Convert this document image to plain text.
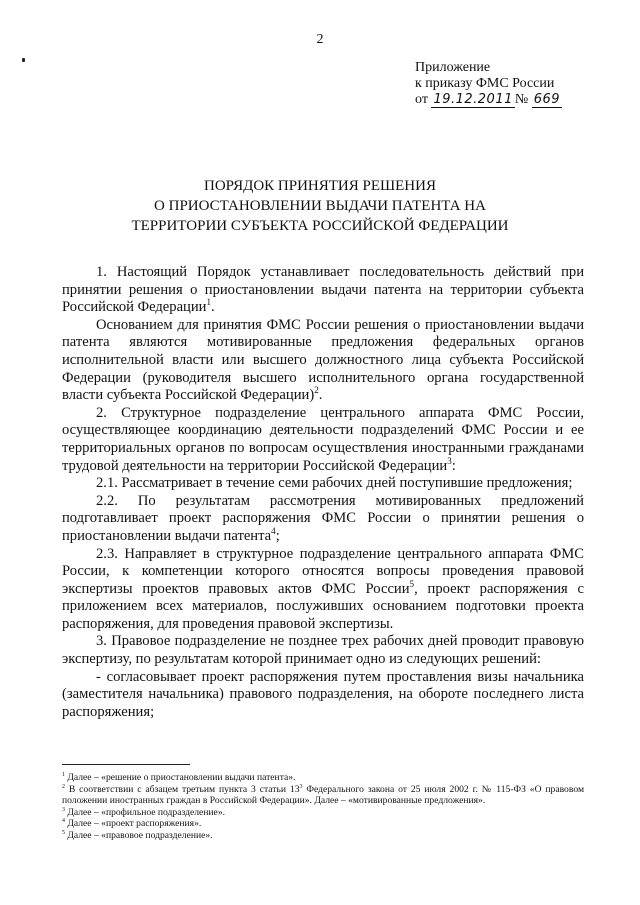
2
Приложение
к приказу ФМС России
от 19.12.2011 № 669
ПОРЯДОК ПРИНЯТИЯ РЕШЕНИЯ
О ПРИОСТАНОВЛЕНИИ ВЫДАЧИ ПАТЕНТА НА
ТЕРРИТОРИИ СУБЪЕКТА РОССИЙСКОЙ ФЕДЕРАЦИИ

1. Настоящий Порядок устанавливает последовательность действий при принятии решения о приостановлении выдачи патента на территории субъекта Российской Федерации$^1$.

Основанием для принятия ФМС России решения о приостановлении выдачи патента являются мотивированные предложения федеральных органов исполнительной власти или высшего должностного лица субъекта Российской Федерации (руководителя высшего исполнительного органа государственной власти субъекта Российской Федерации)$^2$.

2. Структурное подразделение центрального аппарата ФМС России, осуществляющее координацию деятельности подразделений ФМС России и ее территориальных органов по вопросам осуществления иностранными гражданами трудовой деятельности на территории Российской Федерации$^3$:

2.1. Рассматривает в течение семи рабочих дней поступившие предложения;

2.2. По результатам рассмотрения мотивированных предложений подготавливает проект распоряжения ФМС России о принятии решения о приостановлении выдачи патента$^4$;

2.3. Направляет в структурное подразделение центрального аппарата ФМС России, к компетенции которого относятся вопросы проведения правовой экспертизы проектов правовых актов ФМС России$^5$, проект распоряжения с приложением всех материалов, послуживших основанием подготовки проекта распоряжения, для проведения правовой экспертизы.

3. Правовое подразделение не позднее трех рабочих дней проводит правовую экспертизу, по результатам которой принимает одно из следующих решений:

- согласовывает проект распоряжения путем проставления визы начальника (заместителя начальника) правового подразделения, на обороте последнего листа распоряжения;

$^1$ Далее – «решение о приостановлении выдачи патента».

$^2$ В соответствии с абзацем третьим пункта 3 статьи $13^3$ Федерального закона от 25 июля 2002 г. № 115-ФЗ «О правовом положении иностранных граждан в Российской Федерации». Далее – «мотивированные предложения».

$^3$ Далее – «профильное подразделение».

$^4$ Далее – «проект распоряжения».

$^5$ Далее – «правовое подразделение».
